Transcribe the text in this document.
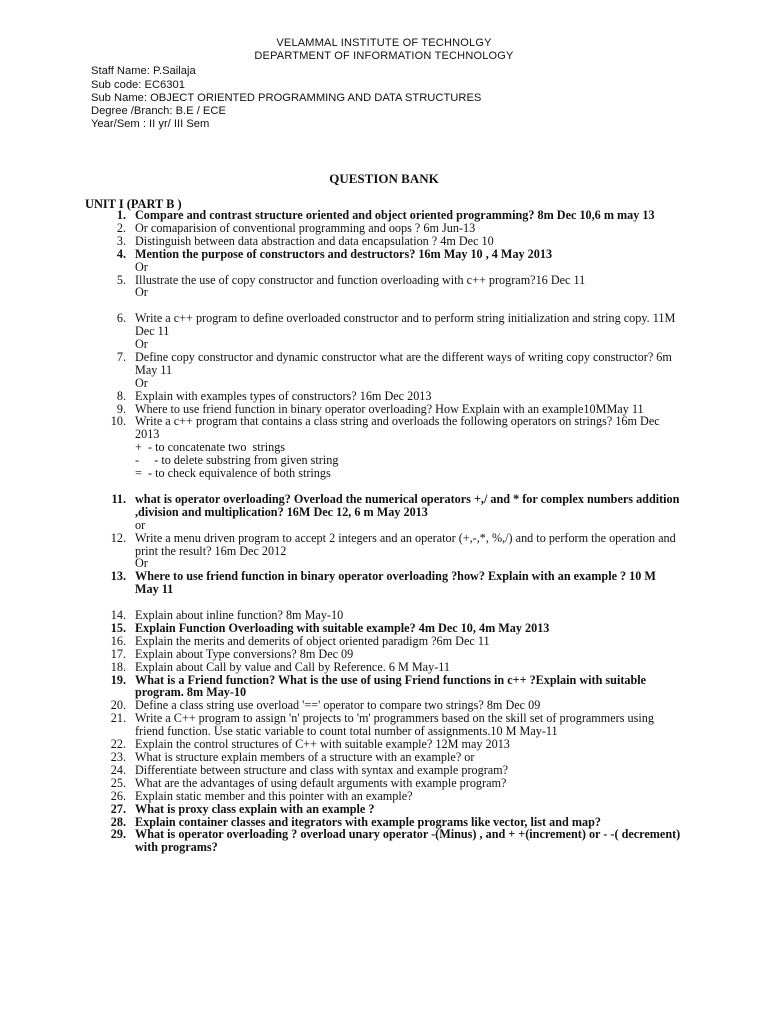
VELAMMAL INSTITUTE OF TECHNOLGY
DEPARTMENT OF INFORMATION TECHNOLOGY
Staff Name: P.Sailaja
Sub code: EC6301
Sub Name: OBJECT ORIENTED PROGRAMMING AND DATA STRUCTURES
Degree /Branch: B.E / ECE
Year/Sem : II yr/ III Sem
QUESTION BANK
UNIT I (PART B )
1. Compare and contrast structure oriented and object oriented programming? 8m Dec 10,6 m may 13
2. Or comaparision of conventional programming and oops ? 6m Jun-13
3. Distinguish between data abstraction and data encapsulation ? 4m Dec 10
4. Mention the purpose of constructors and destructors? 16m May 10 , 4 May 2013
Or
5. Illustrate the use of copy constructor and function overloading with c++ program?16 Dec 11
Or
6. Write a c++ program to define overloaded constructor and to perform string initialization and string copy. 11M Dec 11
Or
7. Define copy constructor and dynamic constructor what are the different ways of writing copy constructor? 6m May 11
Or
8. Explain with examples types of constructors? 16m Dec 2013
9. Where to use friend function in binary operator overloading? How Explain with an example10MMay 11
10. Write a c++ program that contains a class string and overloads the following operators on strings? 16m Dec 2013
+  - to concatenate two  strings
-     - to delete substring from given string
=  - to check equivalence of both strings
11. what is operator overloading? Overload the numerical operators +,/ and * for complex numbers addition ,division and multiplication? 16M Dec 12, 6 m May 2013
or
12. Write a menu driven program to accept 2 integers and an operator (+,-,*, %,/) and to perform the operation and print the result? 16m Dec 2012
Or
13. Where to use friend function in binary operator overloading ?how? Explain with an example ? 10 M May 11
14. Explain about inline function? 8m May-10
15. Explain Function Overloading with suitable example? 4m Dec 10, 4m May 2013
16. Explain the merits and demerits of object oriented paradigm ?6m Dec 11
17. Explain about Type conversions? 8m Dec 09
18. Explain about Call by value and Call by Reference. 6 M May-11
19. What is a Friend function? What is the use of using Friend functions in c++ ?Explain with suitable program. 8m May-10
20. Define a class string use overload '==' operator to compare two strings? 8m Dec 09
21. Write a C++ program to assign 'n' projects to 'm' programmers based on the skill set of programmers using friend function. Use static variable to count total number of assignments.10 M May-11
22. Explain the control structures of C++ with suitable example? 12M may 2013
23. What is structure explain members of a structure with an example? or
24. Differentiate between structure and class with syntax and example program?
25. What are the advantages of using default arguments with example program?
26. Explain static member and this pointer with an example?
27. What is proxy class explain with an example ?
28. Explain container classes and itegrators with example programs like vector, list and map?
29. What is operator overloading ? overload unary operator -(Minus) , and + +(increment) or - -( decrement) with programs?
